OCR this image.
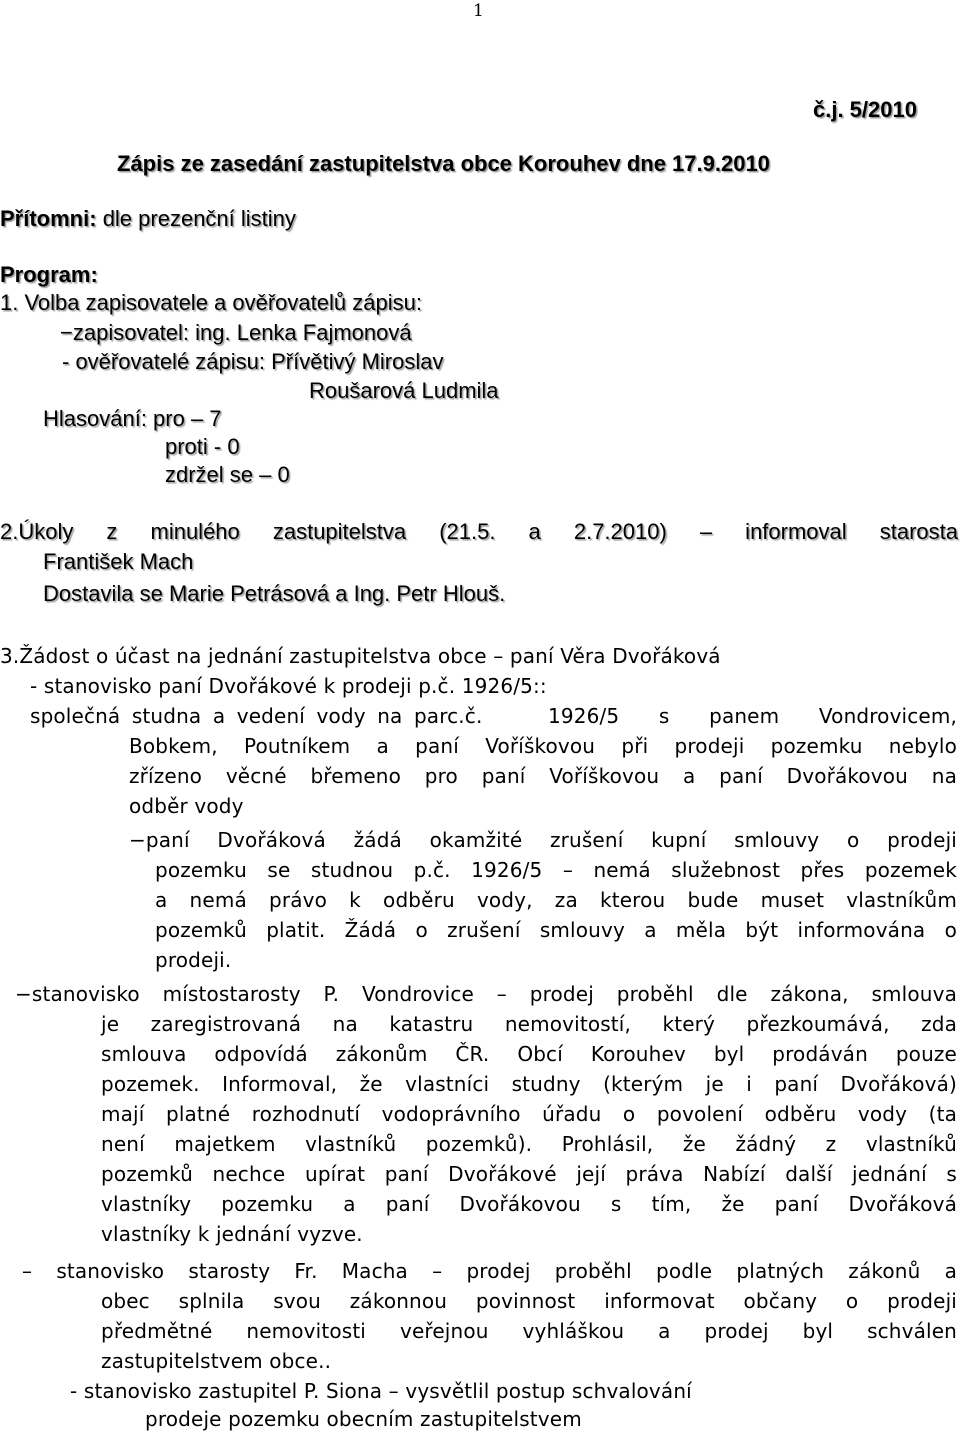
1
č.j. 5/2010
Zápis ze zasedání zastupitelstva obce Korouhev dne 17.9.2010
Přítomni: dle prezenční listiny
Program:
1. Volba zapisovatele a ověřovatelů zápisu:
−zapisovatel: ing. Lenka Fajmonová
- ověřovatelé zápisu: Přívětivý Miroslav
Roušarová Ludmila
Hlasování: pro – 7
proti - 0
zdržel se – 0
2.Úkoly z minulého zastupitelstva (21.5. a 2.7.2010) – informoval starosta
František Mach
Dostavila se Marie Petrásová a Ing. Petr Hlouš.
3.Žádost o účast na jednání zastupitelstva obce – paní Věra Dvořáková
- stanovisko paní Dvořákové k prodeji p.č. 1926/5::
společná studna a vedení vody na parc.č.	1926/5 s panem Vondrovicem,
Bobkem, Poutníkem a paní Voříškovou při prodeji pozemku nebylo
zřízeno věcné břemeno pro paní Voříškovou a paní Dvořákovou na
odběr vody
−paní Dvořáková žádá okamžité zrušení kupní smlouvy o prodeji
pozemku se studnou p.č. 1926/5 – nemá služebnost přes pozemek
a nemá právo k odběru vody, za kterou bude muset vlastníkům
pozemků platit. Žádá o zrušení smlouvy a měla být informována o
prodeji.
−stanovisko místostarosty P. Vondrovice – prodej proběhl dle zákona, smlouva
je zaregistrovaná na katastru nemovitostí, který přezkoumává, zda
smlouva odpovídá zákonům ČR. Obcí Korouhev byl prodáván pouze
pozemek. Informoval, že vlastníci studny (kterým je i paní Dvořáková)
mají platné rozhodnutí vodoprávního úřadu o povolení odběru vody (ta
není majetkem vlastníků pozemků). Prohlásil, že žádný z vlastníků
pozemků nechce upírat paní Dvořákové její práva Nabízí další jednání s
vlastníky pozemku a paní Dvořákovou s tím, že paní Dvořáková
vlastníky k jednání vyzve.
– stanovisko starosty Fr. Macha – prodej proběhl podle platných zákonů a
obec splnila svou zákonnou povinnost informovat občany o prodeji
předmětné nemovitosti veřejnou vyhláškou a prodej byl schválen
zastupitelstvem obce..
- stanovisko zastupitel P. Siona – vysvětlil postup schvalování
prodeje pozemku obecním zastupitelstvem
